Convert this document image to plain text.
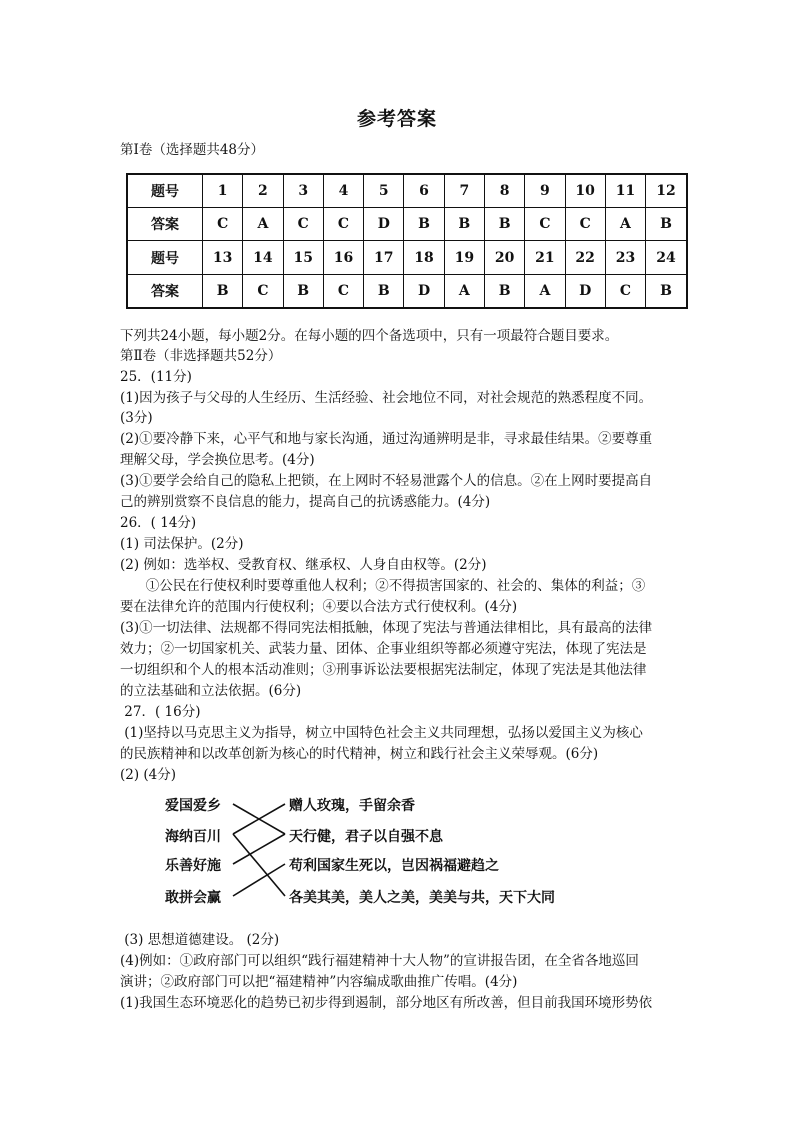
参考答案
第Ⅰ卷（选择题共48分）
题号	1	2	3	4	5	6	7	8	9	10	11	12
答案	C	A	C	C	D	B	B	B	C	C	A	B
题号	13	14	15	16	17	18	19	20	21	22	23	24
答案	B	C	B	C	B	D	A	B	A	D	C	B
下列共24小题，每小题2分。在每小题的四个备选项中，只有一项最符合题目要求。
第Ⅱ卷（非选择题共52分）
25．(11分)
(1)因为孩子与父母的人生经历、生活经验、社会地位不同，对社会规范的熟悉程度不同。
(3分)
(2)①要冷静下来，心平气和地与家长沟通，通过沟通辨明是非，寻求最佳结果。②要尊重
理解父母，学会换位思考。(4分)
(3)①要学会给自己的隐私上把锁，在上网时不轻易泄露个人的信息。②在上网时要提高自
己的辨别赏察不良信息的能力，提高自己的抗诱惑能力。(4分)
26．( 14分)
(1) 司法保护。(2分)
(2) 例如：选举权、受教育权、继承权、人身自由权等。(2分)
①公民在行使权利时要尊重他人权利；②不得损害国家的、社会的、集体的利益；③
要在法律允许的范围内行使权利；④要以合法方式行使权利。(4分)
(3)①一切法律、法规都不得同宪法相抵触，体现了宪法与普通法律相比，具有最高的法律
效力；②一切国家机关、武装力量、团体、企事业组织等都必须遵守宪法，体现了宪法是
一切组织和个人的根本活动准则；③刑事诉讼法要根据宪法制定，体现了宪法是其他法律
的立法基础和立法依据。(6分)
27．( 16分)
(1)坚持以马克思主义为指导，树立中国特色社会主义共同理想，弘扬以爱国主义为核心
的民族精神和以改革创新为核心的时代精神，树立和践行社会主义荣辱观。(6分)
(2) (4分)
爱国爱乡
海纳百川
乐善好施
敢拼会赢
赠人玫瑰，手留余香
天行健，君子以自强不息
苟利国家生死以，岂因祸福避趋之
各美其美，美人之美，美美与共，天下大同
(3) 思想道德建设。 (2分)
(4)例如：①政府部门可以组织“践行福建精神十大人物”的宣讲报告团，在全省各地巡回
演讲；②政府部门可以把“福建精神”内容编成歌曲推广传唱。(4分)
(1)我国生态环境恶化的趋势已初步得到遏制，部分地区有所改善，但目前我国环境形势依
